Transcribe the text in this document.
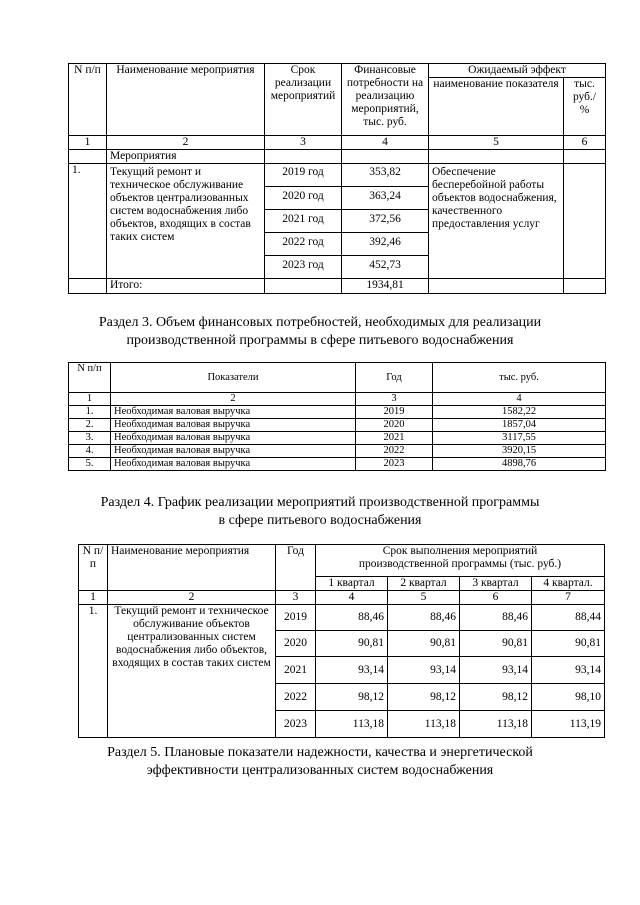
N п/п	Наименование мероприятия	Срок реализации мероприятий	Финансовые потребности на реализацию мероприятий, тыс. руб.	Ожидаемый эффект	
				наименование показателя	тыс. руб./ %
1	2	3	4	5	6
	Мероприятия				
1.	Текущий ремонт и техническое обслуживание объектов централизованных систем водоснабжения либо объектов, входящих в состав таких систем	2019 год	353,82	Обеспечение бесперебойной работы объектов водоснабжения, качественного предоставления услуг	
		2020 год	363,24		
		2021 год	372,56		
		2022 год	392,46		
		2023 год	452,73		
	Итого:		1934,81		
Раздел 3. Объем финансовых потребностей, необходимых для реализации
производственной программы в сфере питьевого водоснабжения
N п/п	Показатели	Год	тыс. руб.
1	2	3	4
1.	Необходимая валовая выручка	2019	1582,22
2.	Необходимая валовая выручка	2020	1857,04
3.	Необходимая валовая выручка	2021	3117,55
4.	Необходимая валовая выручка	2022	3920,15
5.	Необходимая валовая выручка	2023	4898,76
Раздел 4. График реализации мероприятий производственной программы
в сфере питьевого водоснабжения
N п/п	Наименование мероприятия	Год	Срок выполнения мероприятий производственной программы (тыс. руб.)			
			1 квартал	2 квартал	3 квартал	4 квартал.
1	2	3	4	5	6	7
1.	Текущий ремонт и техническое обслуживание объектов централизованных систем водоснабжения либо объектов, входящих в состав таких систем	2019	88,46	88,46	88,46	88,44
		2020	90,81	90,81	90,81	90,81
		2021	93,14	93,14	93,14	93,14
		2022	98,12	98,12	98,12	98,10
		2023	113,18	113,18	113,18	113,19
Раздел 5. Плановые показатели надежности, качества и энергетической
эффективности централизованных систем водоснабжения
